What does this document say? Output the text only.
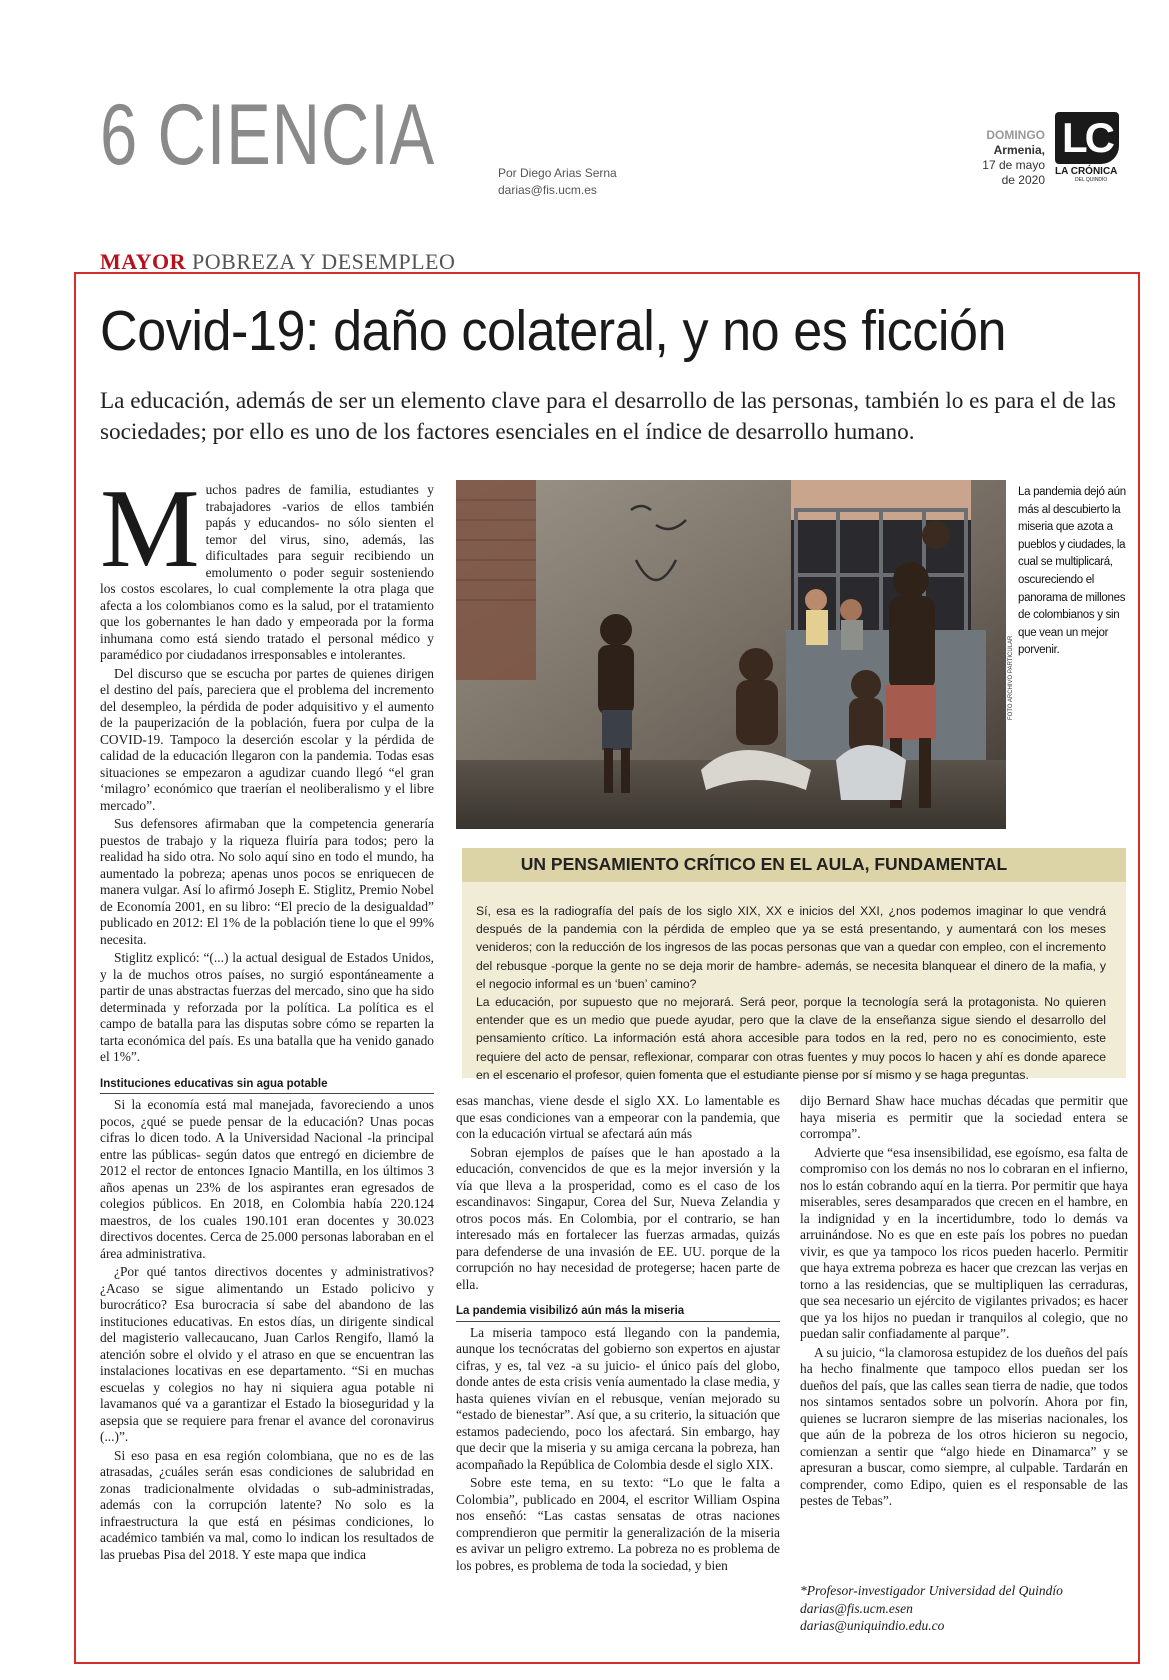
6 CIENCIA	Por Diego Arias Serna
darias@fis.ucm.es
DOMINGO
Armenia,
17 de mayo
de 2020
LC
LA CRÓNICA
DEL QUINDÍO
MAYOR POBREZA Y DESEMPLEO
Covid-19: daño colateral, y no es ficción
La educación, además de ser un elemento clave para el desarrollo de las personas, también lo es para el de las sociedades; por ello es uno de los factores esenciales en el índice de desarrollo humano.

Muchos padres de familia, estudiantes y trabajadores -varios de ellos también papás y educandos- no sólo sienten el temor del virus, sino, además, las dificultades para seguir recibiendo un emolumento o poder seguir sosteniendo los costos escolares, lo cual complemente la otra plaga que afecta a los colombianos como es la salud, por el tratamiento que los gobernantes le han dado y empeorada por la forma inhumana como está siendo tratado el personal médico y paramédico por ciudadanos irresponsables e intolerantes.

Del discurso que se escucha por partes de quienes dirigen el destino del país, pareciera que el problema del incremento del desempleo, la pérdida de poder adquisitivo y el aumento de la pauperización de la población, fuera por culpa de la COVID-19. Tampoco la deserción escolar y la pérdida de calidad de la educación llegaron con la pandemia. Todas esas situaciones se empezaron a agudizar cuando llegó “el gran ‘milagro’ económico que traerían el neoliberalismo y el libre mercado”.

Sus defensores afirmaban que la competencia generaría puestos de trabajo y la riqueza fluiría para todos; pero la realidad ha sido otra. No solo aquí sino en todo el mundo, ha aumentado la pobreza; apenas unos pocos se enriquecen de manera vulgar. Así lo afirmó Joseph E. Stiglitz, Premio Nobel de Economía 2001, en su libro: “El precio de la desigualdad” publicado en 2012: El 1% de la población tiene lo que el 99% necesita.

Stiglitz explicó: “(...) la actual desigual de Estados Unidos, y la de muchos otros países, no surgió espontáneamente a partir de unas abstractas fuerzas del mercado, sino que ha sido determinada y reforzada por la política. La política es el campo de batalla para las disputas sobre cómo se reparten la tarta económica del país. Es una batalla que ha venido ganado el 1%”.

Instituciones educativas sin agua potable

Si la economía está mal manejada, favoreciendo a unos pocos, ¿qué se puede pensar de la educación? Unas pocas cifras lo dicen todo. A la Universidad Nacional -la principal entre las públicas- según datos que entregó en diciembre de 2012 el rector de entonces Ignacio Mantilla, en los últimos 3 años apenas un 23% de los aspirantes eran egresados de colegios públicos. En 2018, en Colombia había 220.124 maestros, de los cuales 190.101 eran docentes y 30.023 directivos docentes. Cerca de 25.000 personas laboraban en el área administrativa.

¿Por qué tantos directivos docentes y administrativos? ¿Acaso se sigue alimentando un Estado policivo y burocrático? Esa burocracia sí sabe del abandono de las instituciones educativas. En estos días, un dirigente sindical del magisterio vallecaucano, Juan Carlos Rengifo, llamó la atención sobre el olvido y el atraso en que se encuentran las instalaciones locativas en ese departamento. “Si en muchas escuelas y colegios no hay ni siquiera agua potable ni lavamanos qué va a garantizar el Estado la bioseguridad y la asepsia que se requiere para frenar el avance del coronavirus (...)”.

Si eso pasa en esa región colombiana, que no es de las atrasadas, ¿cuáles serán esas condiciones de salubridad en zonas tradicionalmente olvidadas o sub-administradas, además con la corrupción latente? No solo es la infraestructura la que está en pésimas condiciones, lo académico también va mal, como lo indican los resultados de las pruebas Pisa del 2018. Y este mapa que indica

FOTO ARCHIVO PARTICULAR
La pandemia dejó aún más al descubierto la miseria que azota a pueblos y ciudades, la cual se multiplicará, oscureciendo el panorama de millones de colombianos y sin que vean un mejor porvenir.
UN PENSAMIENTO CRÍTICO EN EL AULA, FUNDAMENTAL

Sí, esa es la radiografía del país de los siglo XIX, XX e inicios del XXI, ¿nos podemos imaginar lo que vendrá después de la pandemia con la pérdida de empleo que ya se está presentando, y aumentará con los meses venideros; con la reducción de los ingresos de las pocas personas que van a quedar con empleo, con el incremento del rebusque -porque la gente no se deja morir de hambre- además, se necesita blanquear el dinero de la mafia, y el negocio informal es un ‘buen’ camino?

La educación, por supuesto que no mejorará. Será peor, porque la tecnología será la protagonista. No quieren entender que es un medio que puede ayudar, pero que la clave de la enseñanza sigue siendo el desarrollo del pensamiento crítico. La información está ahora accesible para todos en la red, pero no es conocimiento, este requiere del acto de pensar, reflexionar, comparar con otras fuentes y muy pocos lo hacen y ahí es donde aparece en el escenario el profesor, quien fomenta que el estudiante piense por sí mismo y se haga preguntas.

esas manchas, viene desde el siglo XX. Lo lamentable es que esas condiciones van a empeorar con la pandemia, que con la educación virtual se afectará aún más

Sobran ejemplos de países que le han apostado a la educación, convencidos de que es la mejor inversión y la vía que lleva a la prosperidad, como es el caso de los escandinavos: Singapur, Corea del Sur, Nueva Zelandia y otros pocos más. En Colombia, por el contrario, se han interesado más en fortalecer las fuerzas armadas, quizás para defenderse de una invasión de EE. UU. porque de la corrupción no hay necesidad de protegerse; hacen parte de ella.

La pandemia visibilizó aún más la miseria

La miseria tampoco está llegando con la pandemia, aunque los tecnócratas del gobierno son expertos en ajustar cifras, y es, tal vez -a su juicio- el único país del globo, donde antes de esta crisis venía aumentado la clase media, y hasta quienes vivían en el rebusque, venían mejorado su “estado de bienestar”. Así que, a su criterio, la situación que estamos padeciendo, poco los afectará. Sin embargo, hay que decir que la miseria y su amiga cercana la pobreza, han acompañado la República de Colombia desde el siglo XIX.

Sobre este tema, en su texto: “Lo que le falta a Colombia”, publicado en 2004, el escritor William Ospina nos enseñó: “Las castas sensatas de otras naciones comprendieron que permitir la generalización de la miseria es avivar un peligro extremo. La pobreza no es problema de los pobres, es problema de toda la sociedad, y bien

dijo Bernard Shaw hace muchas décadas que permitir que haya miseria es permitir que la sociedad entera se corrompa”.

Advierte que “esa insensibilidad, ese egoísmo, esa falta de compromiso con los demás no nos lo cobraran en el infierno, nos lo están cobrando aquí en la tierra. Por permitir que haya miserables, seres desamparados que crecen en el hambre, en la indignidad y en la incertidumbre, todo lo demás va arruinándose. No es que en este país los pobres no puedan vivir, es que ya tampoco los ricos pueden hacerlo. Permitir que haya extrema pobreza es hacer que crezcan las verjas en torno a las residencias, que se multipliquen las cerraduras, que sea necesario un ejército de vigilantes privados; es hacer que ya los hijos no puedan ir tranquilos al colegio, que no puedan salir confiadamente al parque”.

A su juicio, “la clamorosa estupidez de los dueños del país ha hecho finalmente que tampoco ellos puedan ser los dueños del país, que las calles sean tierra de nadie, que todos nos sintamos sentados sobre un polvorín. Ahora por fin, quienes se lucraron siempre de las miserias nacionales, los que aún de la pobreza de los otros hicieron su negocio, comienzan a sentir que “algo hiede en Dinamarca” y se apresuran a buscar, como siempre, al culpable. Tardarán en comprender, como Edipo, quien es el responsable de las pestes de Tebas”.

*Profesor-investigador Universidad del Quindío
darias@fis.ucm.esen
darias@uniquindio.edu.co
